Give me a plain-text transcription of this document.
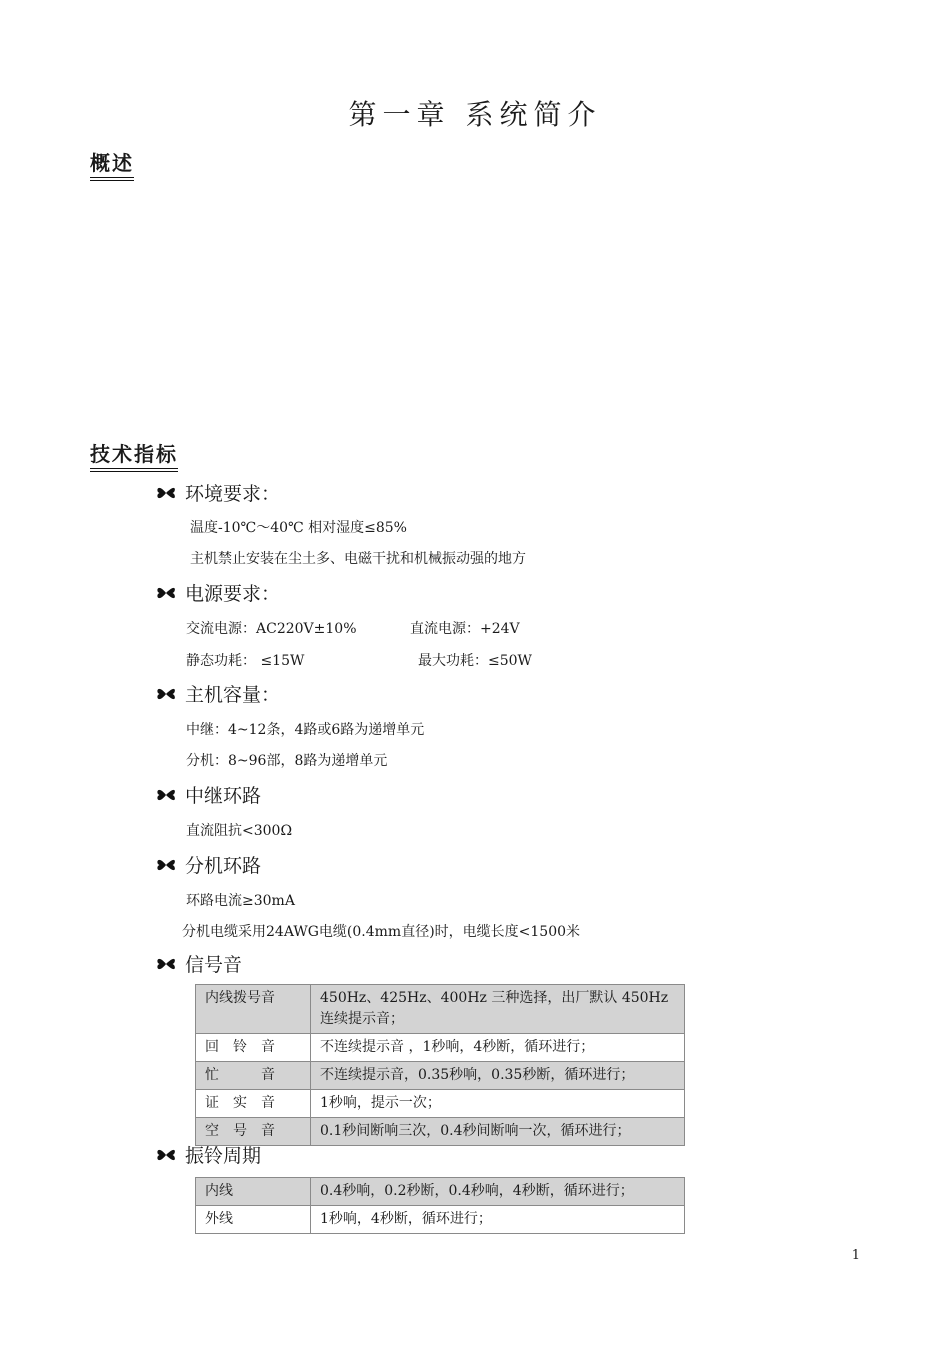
第一章 系统简介
概述
技术指标
环境要求：
温度-10℃～40℃ 相对湿度≤85%
主机禁止安装在尘土多、电磁干扰和机械振动强的地方
电源要求：
交流电源：AC220V±10%	直流电源：+24V
静态功耗： ≤15W	最大功耗：≤50W
主机容量：
中继：4~12条，4路或6路为递增单元
分机：8~96部，8路为递增单元
中继环路
直流阻抗<300Ω
分机环路
环路电流≥30mA
分机电缆采用24AWG电缆(0.4mm直径)时，电缆长度<1500米
信号音
内线拨号音	450Hz、425Hz、400Hz 三种选择，出厂默认 450Hz 连续提示音；
回　铃　音	不连续提示音 ，1秒响，4秒断，循环进行；
忙　　　音	不连续提示音，0.35秒响，0.35秒断，循环进行；
证　实　音	1秒响，提示一次；
空　号　音	0.1秒间断响三次，0.4秒间断响一次，循环进行；
振铃周期
内线	0.4秒响，0.2秒断，0.4秒响，4秒断，循环进行；
外线	1秒响，4秒断，循环进行；
1
